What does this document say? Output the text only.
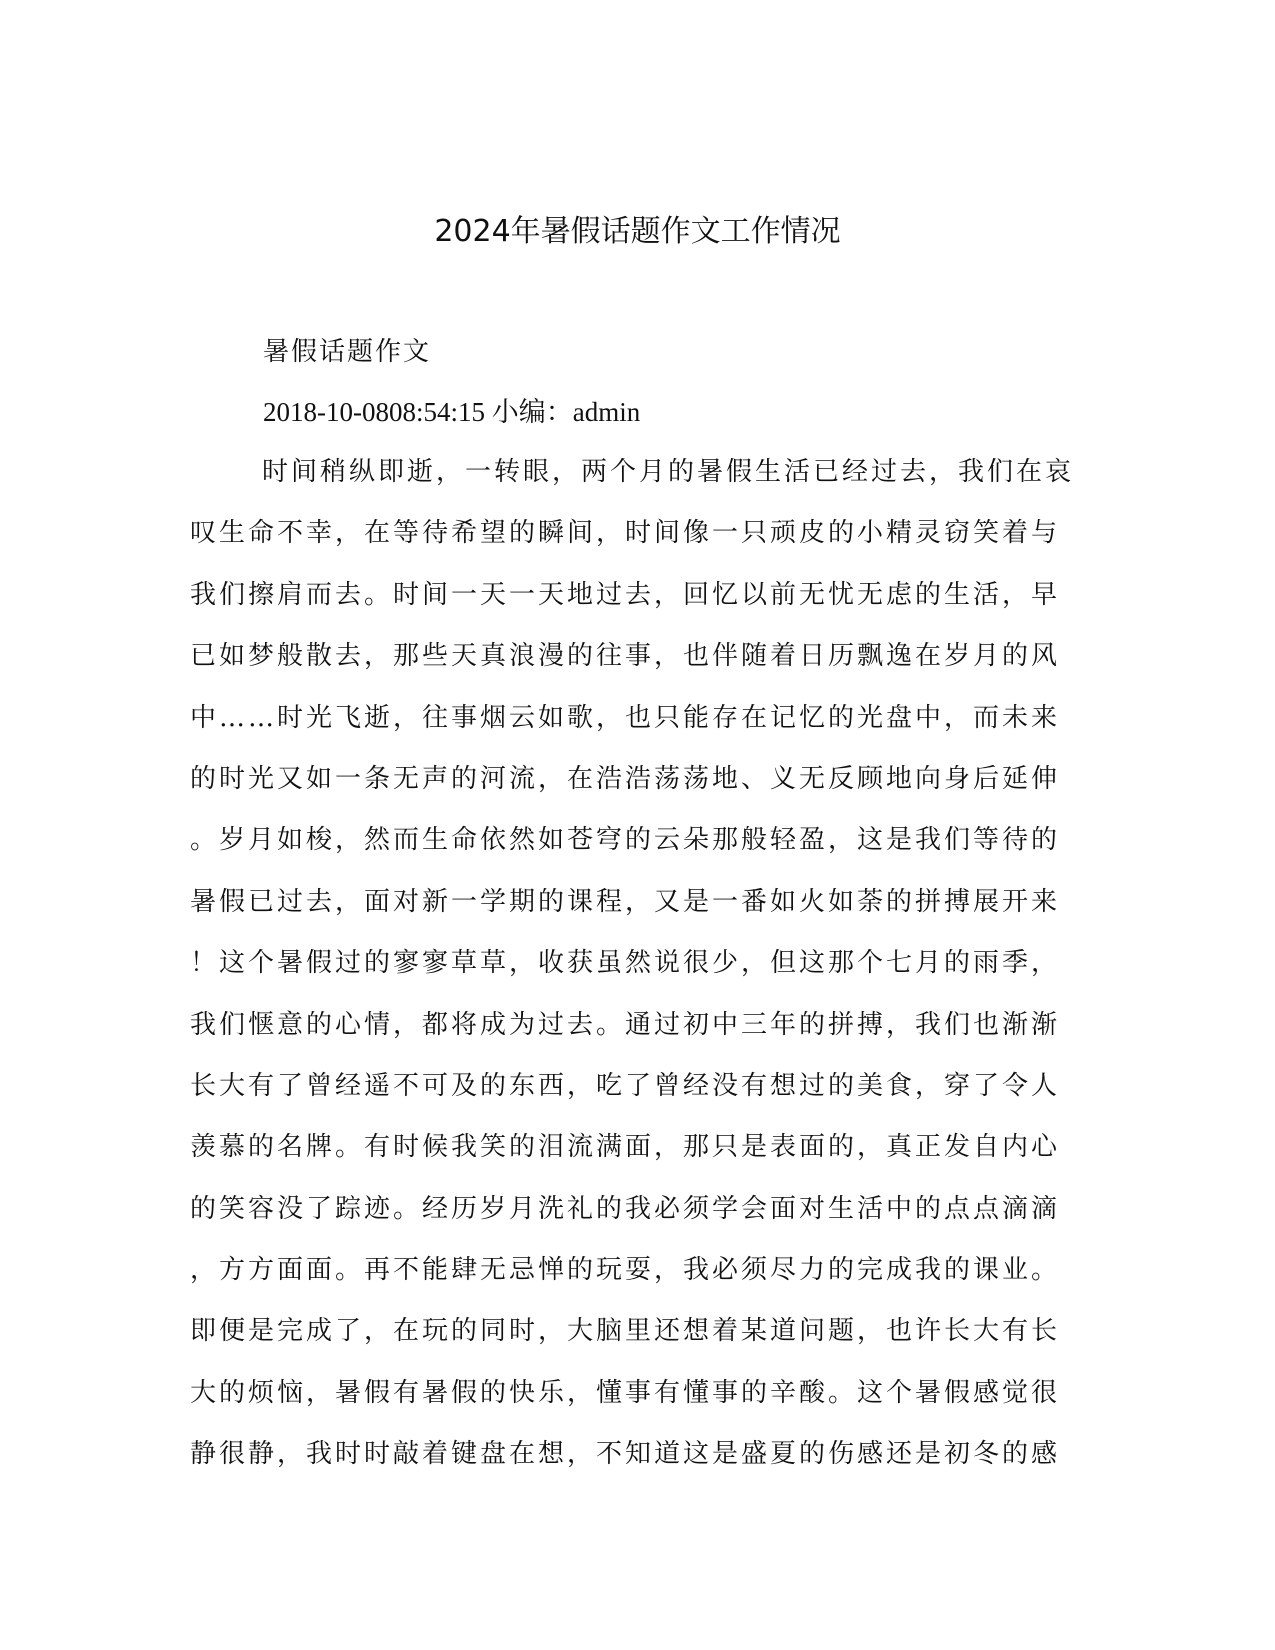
2024年暑假话题作文工作情况
暑假话题作文
2018-10-0808:54:15 小编：admin
时间稍纵即逝，一转眼，两个月的暑假生活已经过去，我们在哀
叹生命不幸，在等待希望的瞬间，时间像一只顽皮的小精灵窃笑着与
我们擦肩而去。时间一天一天地过去，回忆以前无忧无虑的生活，早
已如梦般散去，那些天真浪漫的往事，也伴随着日历飘逸在岁月的风
中……时光飞逝，往事烟云如歌，也只能存在记忆的光盘中，而未来
的时光又如一条无声的河流，在浩浩荡荡地、义无反顾地向身后延伸
。岁月如梭，然而生命依然如苍穹的云朵那般轻盈，这是我们等待的
暑假已过去，面对新一学期的课程，又是一番如火如荼的拼搏展开来
！这个暑假过的寥寥草草，收获虽然说很少，但这那个七月的雨季，
我们惬意的心情，都将成为过去。通过初中三年的拼搏，我们也渐渐
长大有了曾经遥不可及的东西，吃了曾经没有想过的美食，穿了令人
羡慕的名牌。有时候我笑的泪流满面，那只是表面的，真正发自内心
的笑容没了踪迹。经历岁月洗礼的我必须学会面对生活中的点点滴滴
，方方面面。再不能肆无忌惮的玩耍，我必须尽力的完成我的课业。
即便是完成了，在玩的同时，大脑里还想着某道问题，也许长大有长
大的烦恼，暑假有暑假的快乐，懂事有懂事的辛酸。这个暑假感觉很
静很静，我时时敲着键盘在想，不知道这是盛夏的伤感还是初冬的感
